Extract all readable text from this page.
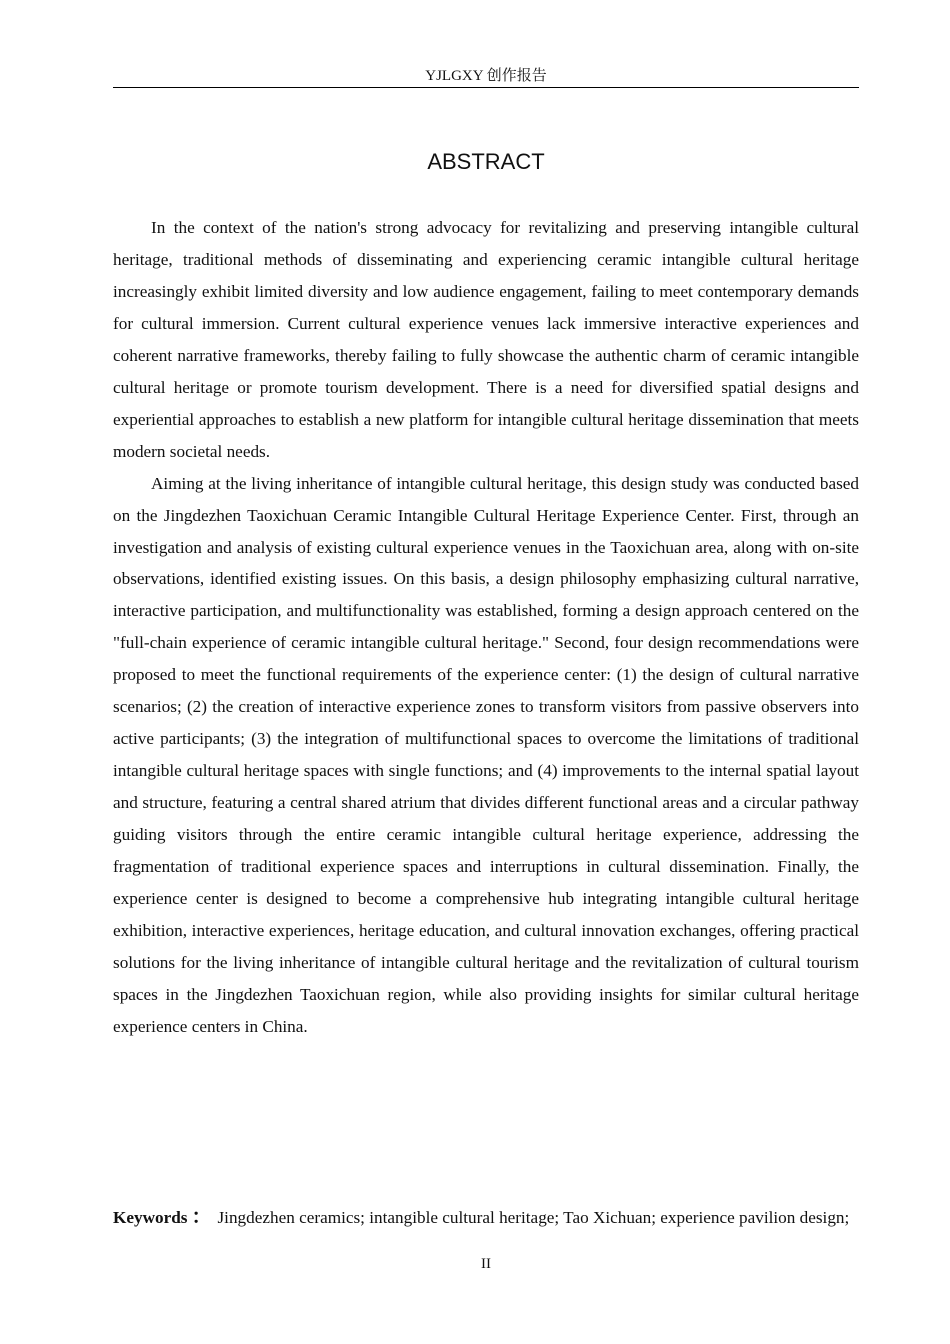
YJLGXY 创作报告
ABSTRACT

In the context of the nation's strong advocacy for revitalizing and preserving intangible cultural heritage, traditional methods of disseminating and experiencing ceramic intangible cultural heritage increasingly exhibit limited diversity and low audience engagement, failing to meet contemporary demands for cultural immersion. Current cultural experience venues lack immersive interactive experiences and coherent narrative frameworks, thereby failing to fully showcase the authentic charm of ceramic intangible cultural heritage or promote tourism development. There is a need for diversified spatial designs and experiential approaches to establish a new platform for intangible cultural heritage dissemination that meets modern societal needs.

Aiming at the living inheritance of intangible cultural heritage, this design study was conducted based on the Jingdezhen Taoxichuan Ceramic Intangible Cultural Heritage Experience Center. First, through an investigation and analysis of existing cultural experience venues in the Taoxichuan area, along with on-site observations, identified existing issues. On this basis, a design philosophy emphasizing cultural narrative, interactive participation, and multifunctionality was established, forming a design approach centered on the "full-chain experience of ceramic intangible cultural heritage." Second, four design recommendations were proposed to meet the functional requirements of the experience center: (1) the design of cultural narrative scenarios; (2) the creation of interactive experience zones to transform visitors from passive observers into active participants; (3) the integration of multifunctional spaces to overcome the limitations of traditional intangible cultural heritage spaces with single functions; and (4) improvements to the internal spatial layout and structure, featuring a central shared atrium that divides different functional areas and a circular pathway guiding visitors through the entire ceramic intangible cultural heritage experience, addressing the fragmentation of traditional experience spaces and interruptions in cultural dissemination. Finally, the experience center is designed to become a comprehensive hub integrating intangible cultural heritage exhibition, interactive experiences, heritage education, and cultural innovation exchanges, offering practical solutions for the living inheritance of intangible cultural heritage and the revitalization of cultural tourism spaces in the Jingdezhen Taoxichuan region, while also providing insights for similar cultural heritage experience centers in China.

Keywords ： Jingdezhen ceramics; intangible cultural heritage; Tao Xichuan; experience pavilion design;
II
